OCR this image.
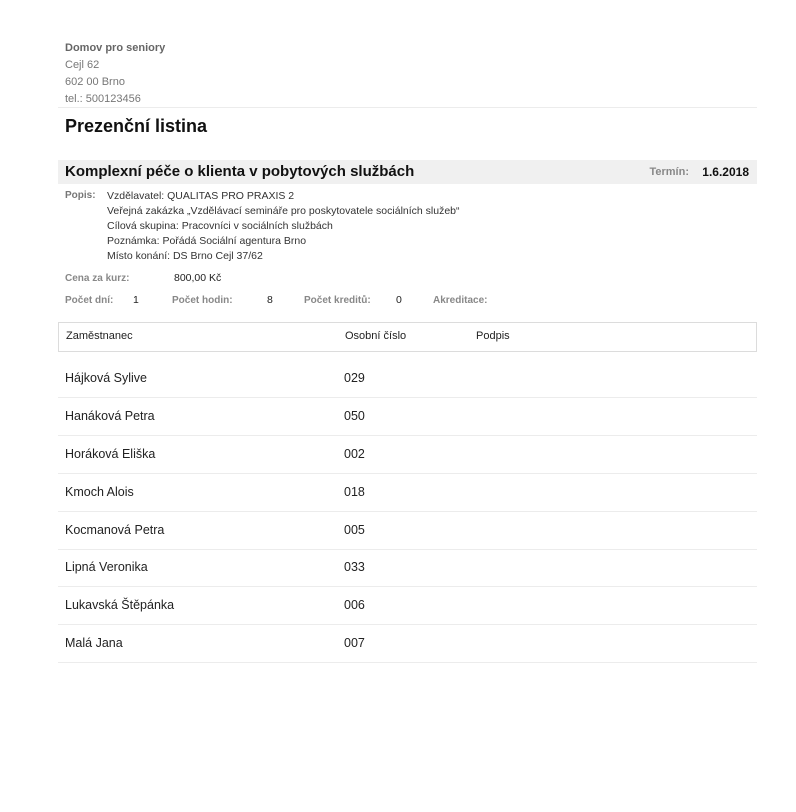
Domov pro seniory
Cejl 62
602 00 Brno
tel.: 500123456
Prezenční listina
Komplexní péče o klienta v pobytových službách	Termín: 1.6.2018
Popis: Vzdělavatel: QUALITAS PRO PRAXIS 2
Veřejná zakázka „Vzdělávací semináře pro poskytovatele sociálních služeb“
Cílová skupina: Pracovníci v sociálních službách
Poznámka: Pořádá Sociální agentura Brno
Místo konání: DS Brno Cejl 37/62
Cena za kurz:	800,00 Kč
Počet dní: 1	Počet hodin:	8	Počet kreditů: 0	Akreditace:
Zaměstnanec	Osobní číslo	Podpis
Hájková Sylive	029
Hanáková Petra	050
Horáková Eliška	002
Kmoch Alois	018
Kocmanová Petra	005
Lipná Veronika	033
Lukavská Štěpánka	006
Malá Jana	007
